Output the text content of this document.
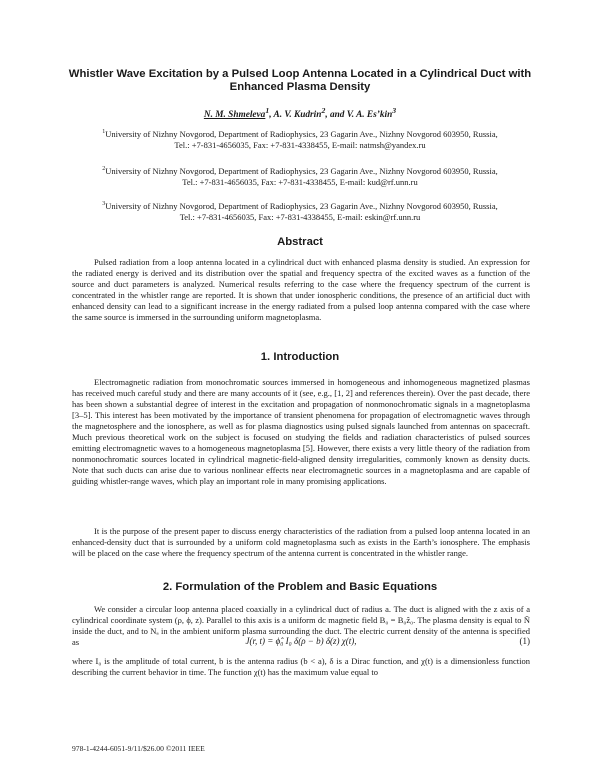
Whistler Wave Excitation by a Pulsed Loop Antenna Located in a Cylindrical Duct with Enhanced Plasma Density
N. M. Shmeleva$^1$, A. V. Kudrin$^2$, and V. A. Es’kin$^3$
$^1$University of Nizhny Novgorod, Department of Radiophysics, 23 Gagarin Ave., Nizhny Novgorod 603950, Russia,
Tel.: +7-831-4656035, Fax: +7-831-4338455, E-mail: natmsh@yandex.ru
$^2$University of Nizhny Novgorod, Department of Radiophysics, 23 Gagarin Ave., Nizhny Novgorod 603950, Russia,
Tel.: +7-831-4656035, Fax: +7-831-4338455, E-mail: kud@rf.unn.ru
$^3$University of Nizhny Novgorod, Department of Radiophysics, 23 Gagarin Ave., Nizhny Novgorod 603950, Russia,
Tel.: +7-831-4656035, Fax: +7-831-4338455, E-mail: eskin@rf.unn.ru
Abstract

Pulsed radiation from a loop antenna located in a cylindrical duct with enhanced plasma density is studied. An expression for the radiated energy is derived and its distribution over the spatial and frequency spectra of the excited waves as a function of the source and duct parameters is analyzed. Numerical results referring to the case where the frequency spectrum of the current is concentrated in the whistler range are reported. It is shown that under ionospheric conditions, the presence of an artificial duct with enhanced density can lead to a significant increase in the energy radiated from a pulsed loop antenna compared with the case where the same source is immersed in the surrounding uniform magnetoplasma.

1. Introduction

Electromagnetic radiation from monochromatic sources immersed in homogeneous and inhomogeneous magnetized plasmas has received much careful study and there are many accounts of it (see, e.g., [1, 2] and references therein). Over the past decade, there has been shown a substantial degree of interest in the excitation and propagation of nonmonochromatic signals in a magnetoplasma [3–5]. This interest has been motivated by the importance of transient phenomena for propagation of electromagnetic waves through the magnetosphere and the ionosphere, as well as for plasma diagnostics using pulsed signals launched from antennas on spacecraft. Much previous theoretical work on the subject is focused on studying the fields and radiation characteristics of pulsed sources emitting electromagnetic waves to a homogeneous magnetoplasma [5]. However, there exists a very little theory of the radiation from nonmonochromatic sources located in cylindrical magnetic-field-aligned density irregularities, commonly known as density ducts. Note that such ducts can arise due to various nonlinear effects near electromagnetic sources in a magnetoplasma and are capable of guiding whistler-range waves, which play an important role in many promising applications.

It is the purpose of the present paper to discuss energy characteristics of the radiation from a pulsed loop antenna located in an enhanced-density duct that is surrounded by a uniform cold magnetoplasma such as exists in the Earth’s ionosphere. The emphasis will be placed on the case where the frequency spectrum of the antenna current is concentrated in the whistler range.

2. Formulation of the Problem and Basic Equations

We consider a circular loop antenna placed coaxially in a cylindrical duct of radius a. The duct is aligned with the z axis of a cylindrical coordinate system (ρ, ϕ, z). Parallel to this axis is a uniform dc magnetic field B₀ = B₀ẑ₀. The plasma density is equal to Ñ inside the duct, and to Nₐ in the ambient uniform plasma surrounding the duct. The electric current density of the antenna is specified as	J(r, t) = ϕ̂₀ I₀ δ(ρ − b) δ(z) χ(t),	(1)

where I₀ is the amplitude of total current, b is the antenna radius (b < a), δ is a Dirac function, and χ(t) is a dimensionless function describing the current behavior in time. The function χ(t) has the maximum value equal to

978-1-4244-6051-9/11/$26.00 ©2011 IEEE
